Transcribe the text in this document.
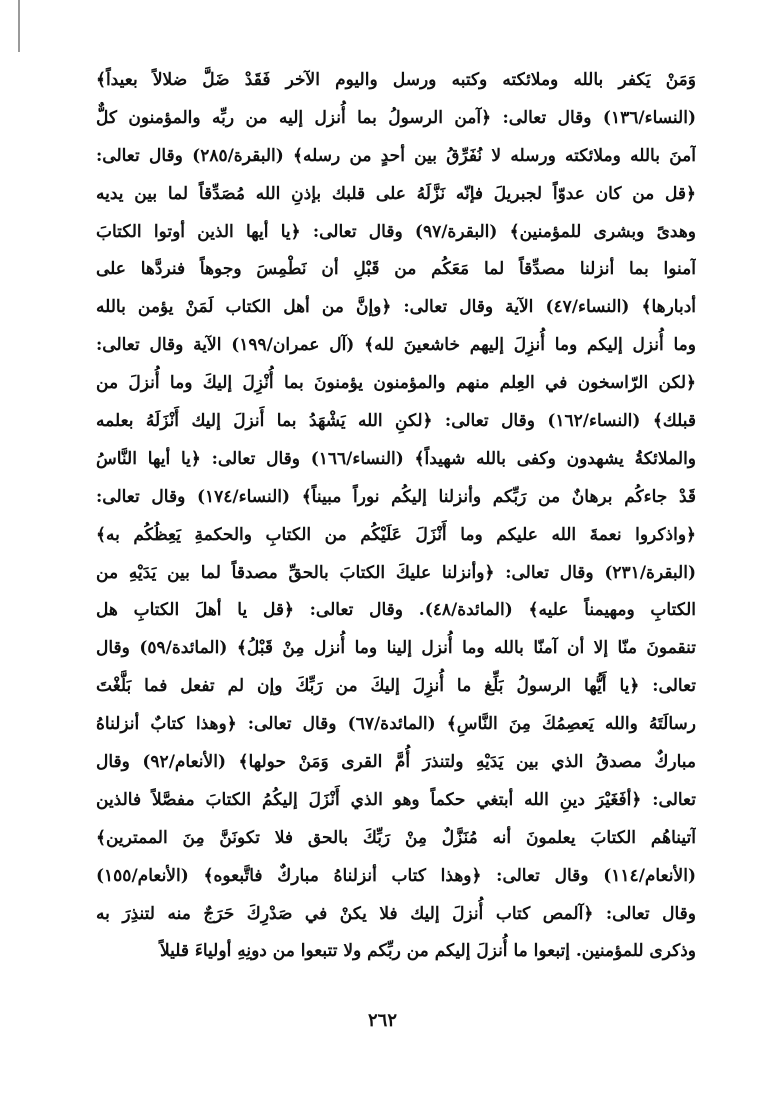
وَمَنْ يَكفر بالله وملائكته وكتبه ورسل واليوم الآخر فَقَدْ ضَلَّ ضلالاً بعيداً﴾
(النساء/١٣٦) وقال تعالى: ﴿آمن الرسولُ بما أُنزل إليه من ربِّه والمؤمنون كلٌّ
آمنَ بالله وملائكته ورسله لا نُفَرِّقُ بين أحدٍ من رسله﴾ (البقرة/٢٨٥) وقال تعالى:
﴿قل من كان عدوّاً لجبريلَ فإنّه نَزَّلَهُ على قلبك بإذنِ الله مُصَدِّقاً لما بين يديه
وهدىً وبشرى للمؤمنين﴾ (البقرة/٩٧) وقال تعالى: ﴿يا أيها الذين أوتوا الكتابَ
آمنوا بما أنزلنا مصدِّقاً لما مَعَكُم من قَبْلِ أن نَطْمِسَ وجوهاً فنردَّها على
أدبارها﴾ (النساء/٤٧) الآية وقال تعالى: ﴿وإنَّ من أهل الكتاب لَمَنْ يؤمن بالله
وما أُنزل إليكم وما أُنزِلَ إليهم خاشعينَ لله﴾ (آل عمران/١٩٩) الآية وقال تعالى:
﴿لكن الرّاسخون في العِلم منهم والمؤمنون يؤمنونَ بما أُنْزِلَ إليكَ وما أُنزلَ من
قبلك﴾ (النساء/١٦٢) وقال تعالى: ﴿لكنِ الله يَشْهَدُ بما أَنزلَ إليك أَنْزَلَهُ بعلمه
والملائكةُ يشهدون وكفى بالله شهيداً﴾ (النساء/١٦٦) وقال تعالى: ﴿يا أيها النَّاسُ
قَدْ جاءكُم برهانٌ من رَبِّكم وأنزلنا إليكُم نوراً مبيناً﴾ (النساء/١٧٤) وقال تعالى:
﴿واذكروا نعمةَ الله عليكم وما أَنْزَلَ عَلَيْكُم من الكتابِ والحكمةِ يَعِظُكُم به﴾
(البقرة/٢٣١) وقال تعالى: ﴿وأنزلنا عليكَ الكتابَ بالحقِّ مصدقاً لما بين يَدَيْهِ من
الكتابِ ومهيمناً عليه﴾ (المائدة/٤٨). وقال تعالى: ﴿قل يا أهلَ الكتابِ هل
تنقمونَ منّا إلا أن آمنّا بالله وما أُنزل إلينا وما أُنزل مِنْ قَبْلُ﴾ (المائدة/٥٩) وقال
تعالى: ﴿يا أَيُّها الرسولُ بَلِّغ ما أُنزِلَ إليكَ من رَبِّكَ وإن لم تفعل فما بَلَّغْتَ
رسالَتَهُ والله يَعصِمُكَ مِنَ النَّاسِ﴾ (المائدة/٦٧) وقال تعالى: ﴿وهذا كتابٌ أنزلناهُ
مباركٌ مصدقُ الذي بين يَدَيْهِ ولتنذرَ أُمَّ القرى وَمَنْ حولها﴾ (الأنعام/٩٢) وقال
تعالى: ﴿أفَغَيْرَ دينِ الله أبتغي حكماً وهو الذي أَنْزَلَ إليكُمُ الكتابَ مفصَّلاً فالذين
آتيناهُم الكتابَ يعلمونَ أنه مُنَزَّلٌ مِنْ رَبِّكَ بالحق فلا تكونَنَّ مِنَ الممترين﴾
(الأنعام/١١٤) وقال تعالى: ﴿وهذا كتاب أنزلناهُ مباركٌ فاتَّبعوه﴾ (الأنعام/١٥٥)
وقال تعالى: ﴿آلمص كتاب أُنزلَ إليك فلا يكنْ في صَدْرِكَ حَرَجٌ منه لتنذِرَ به
وذكرى للمؤمنين. إتبعوا ما أُنزلَ إليكم من ربِّكم ولا تتبعوا من دونِهِ أولياءَ قليلاً
٢٦٢
